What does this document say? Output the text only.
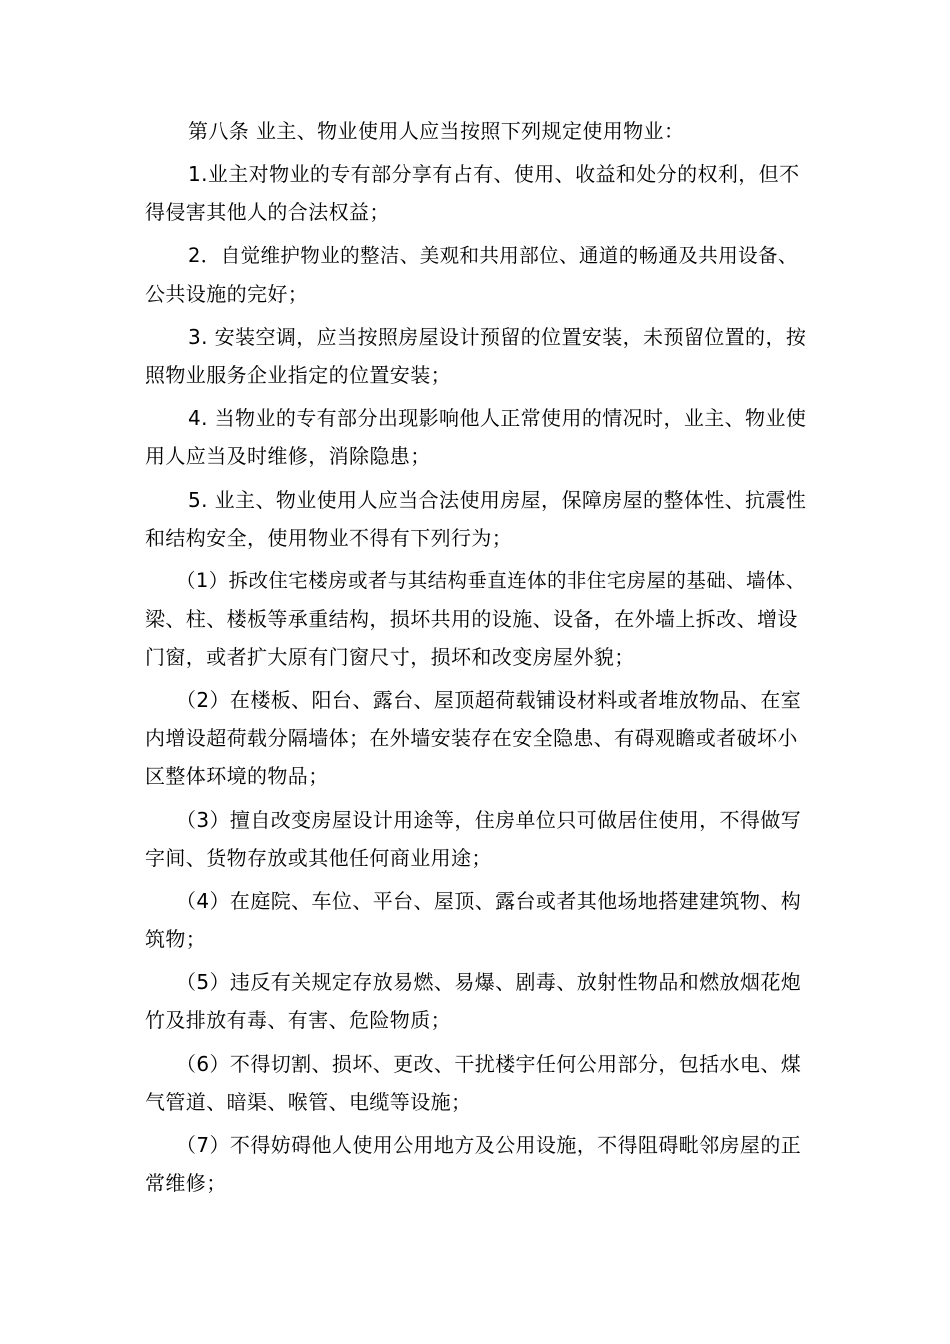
第八条 业主、物业使用人应当按照下列规定使用物业：
1.业主对物业的专有部分享有占有、使用、收益和处分的权利，但不
得侵害其他人的合法权益；
2．自觉维护物业的整洁、美观和共用部位、通道的畅通及共用设备、
公共设施的完好；
3. 安装空调，应当按照房屋设计预留的位置安装，未预留位置的，按
照物业服务企业指定的位置安装；
4. 当物业的专有部分出现影响他人正常使用的情况时，业主、物业使
用人应当及时维修，消除隐患；
5. 业主、物业使用人应当合法使用房屋，保障房屋的整体性、抗震性
和结构安全，使用物业不得有下列行为；
（1）拆改住宅楼房或者与其结构垂直连体的非住宅房屋的基础、墙体、
梁、柱、楼板等承重结构，损坏共用的设施、设备，在外墙上拆改、增设
门窗，或者扩大原有门窗尺寸，损坏和改变房屋外貌；
（2）在楼板、阳台、露台、屋顶超荷载铺设材料或者堆放物品、在室
内增设超荷载分隔墙体；在外墙安装存在安全隐患、有碍观瞻或者破坏小
区整体环境的物品；
（3）擅自改变房屋设计用途等，住房单位只可做居住使用，不得做写
字间、货物存放或其他任何商业用途；
（4）在庭院、车位、平台、屋顶、露台或者其他场地搭建建筑物、构
筑物；
（5）违反有关规定存放易燃、易爆、剧毒、放射性物品和燃放烟花炮
竹及排放有毒、有害、危险物质；
（6）不得切割、损坏、更改、干扰楼宇任何公用部分，包括水电、煤
气管道、暗渠、喉管、电缆等设施；
（7）不得妨碍他人使用公用地方及公用设施，不得阻碍毗邻房屋的正
常维修；
